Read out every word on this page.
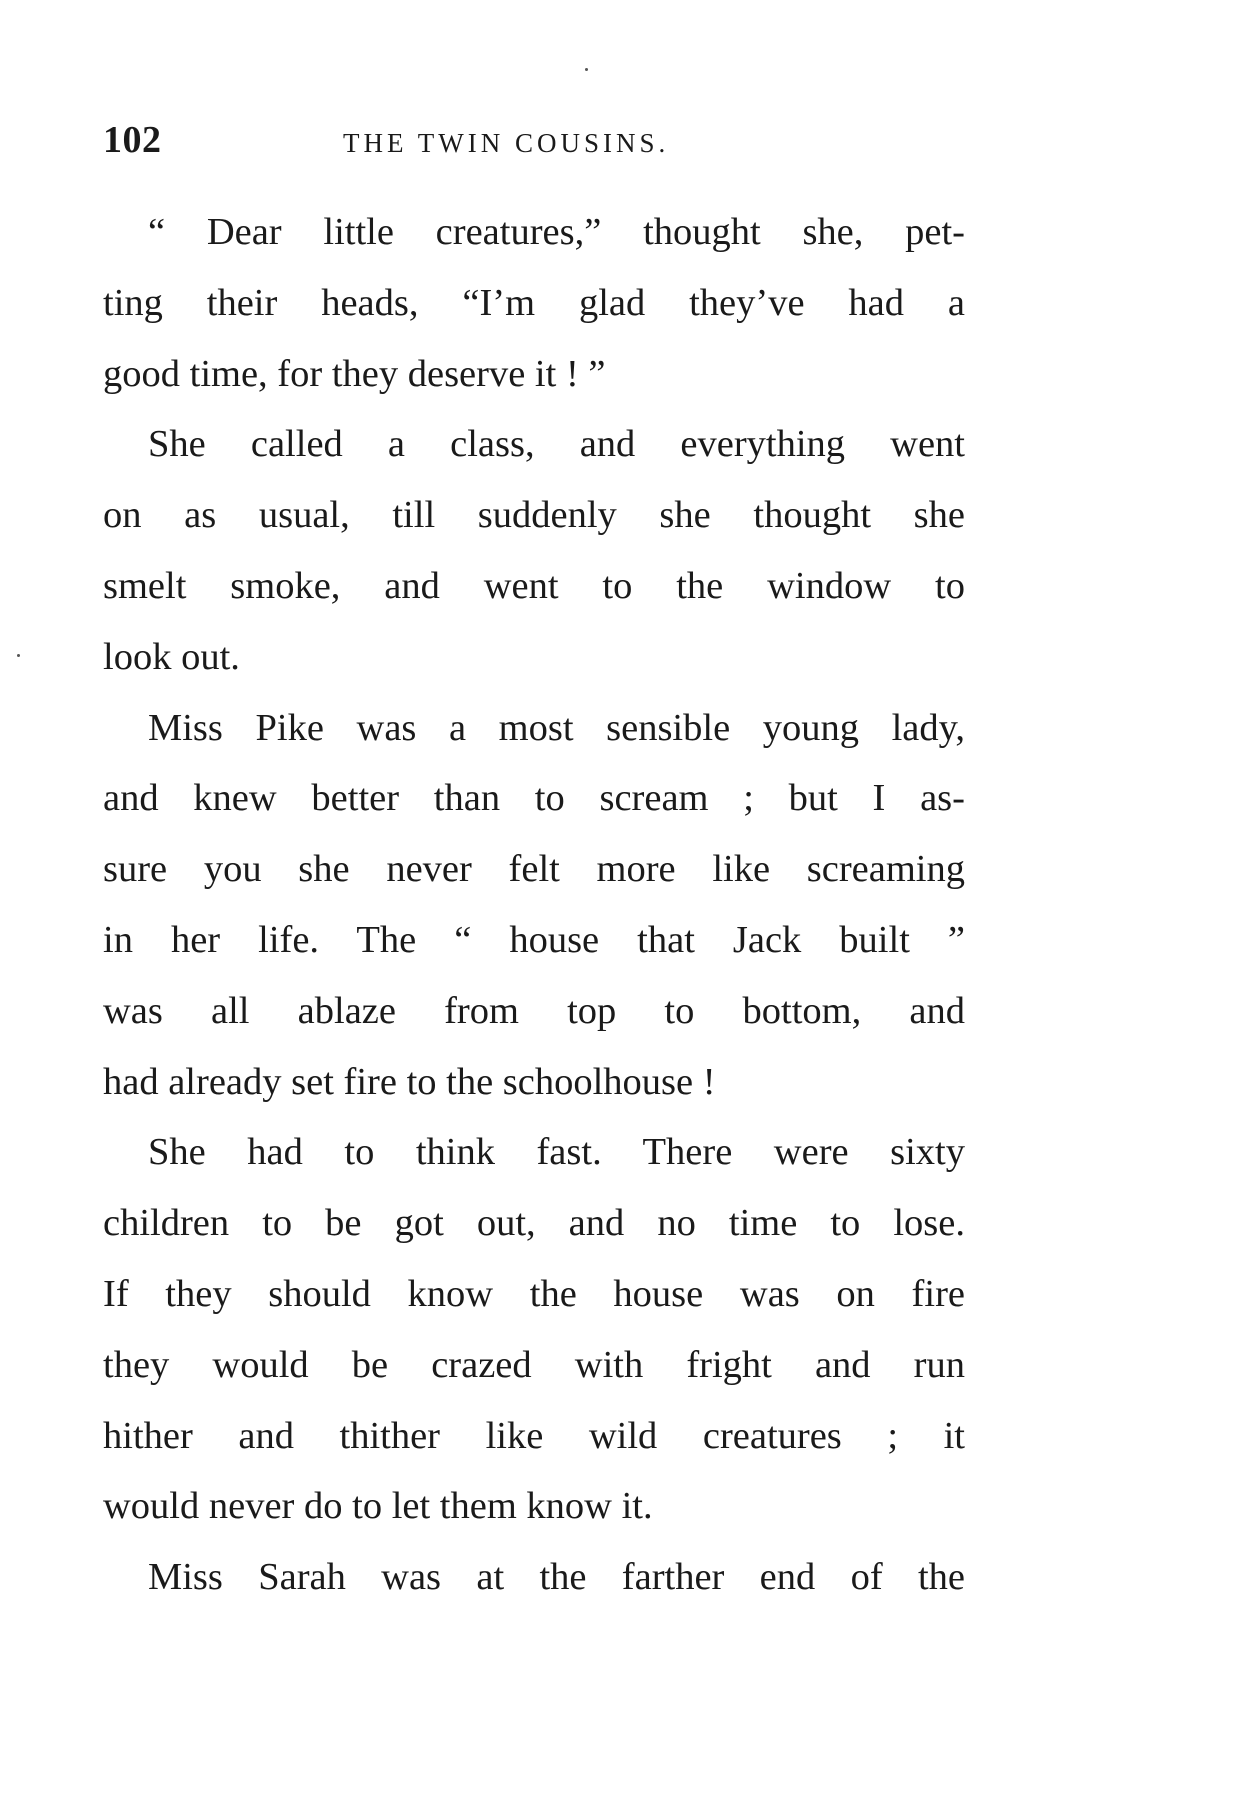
102	THE TWIN COUSINS.
“ Dear little creatures,” thought she, pet-
ting their heads, “I’m glad they’ve had a
good time, for they deserve it ! ”
She called a class, and everything went
on as usual, till suddenly she thought she
smelt smoke, and went to the window to
look out.
Miss Pike was a most sensible young lady,
and knew better than to scream ; but I as-
sure you she never felt more like screaming
in her life. The “ house that Jack built ”
was all ablaze from top to bottom, and
had already set fire to the schoolhouse !
She had to think fast. There were sixty
children to be got out, and no time to lose.
If they should know the house was on fire
they would be crazed with fright and run
hither and thither like wild creatures ; it
would never do to let them know it.
Miss Sarah was at the farther end of the
